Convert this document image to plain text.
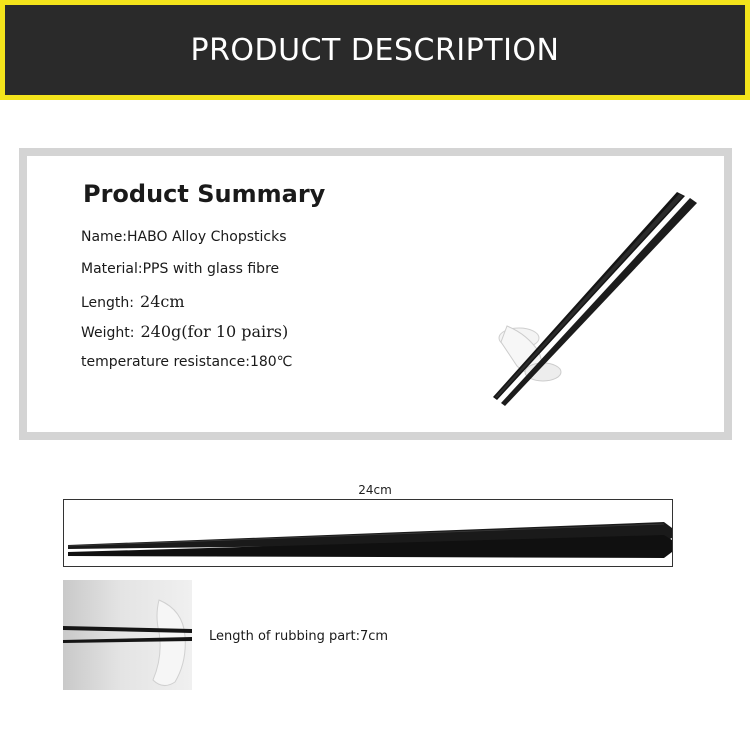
PRODUCT DESCRIPTION
Product Summary
Name:HABO Alloy Chopsticks
Material:PPS with glass fibre
Length: 24cm
Weight: 240g(for 10 pairs)
temperature resistance:180℃
24cm
Length of rubbing part:7cm
